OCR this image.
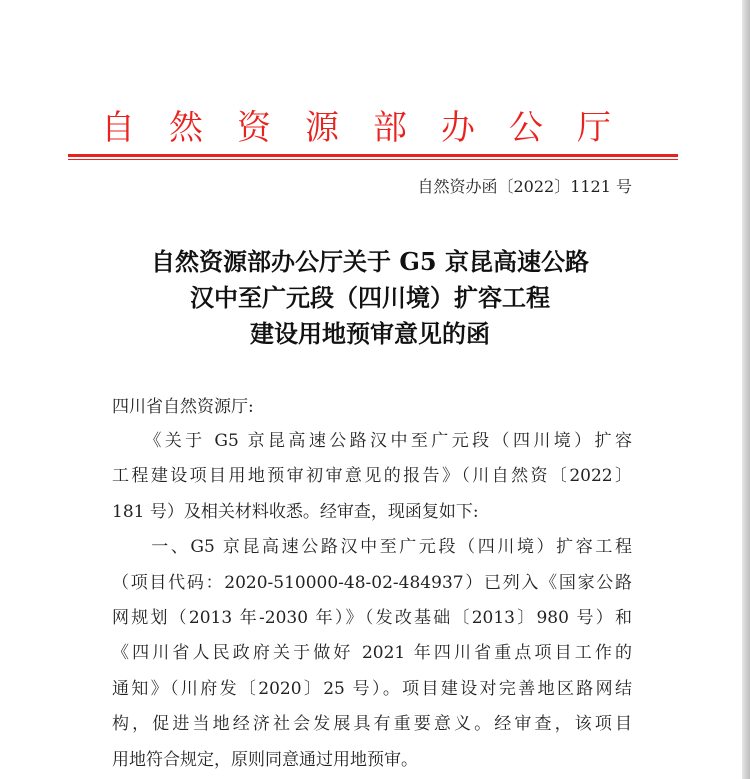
自然资源部办公厅
自然资办函〔2022〕1121 号
自然资源部办公厅关于 G5 京昆高速公路
汉中至广元段（四川境）扩容工程
建设用地预审意见的函
四川省自然资源厅:
　　《关于 G5 京昆高速公路汉中至广元段（四川境）扩容
工程建设项目用地预审初审意见的报告》（川自然资〔2022〕
181 号）及相关材料收悉。经审查，现函复如下:
　　一、G5 京昆高速公路汉中至广元段（四川境）扩容工程
（项目代码：2020-510000-48-02-484937）已列入《国家公路
网规划（2013 年-2030 年）》（发改基础〔2013〕980 号）和
《四川省人民政府关于做好 2021 年四川省重点项目工作的
通知》（川府发〔2020〕25 号）。项目建设对完善地区路网结
构，促进当地经济社会发展具有重要意义。经审查，该项目
用地符合规定，原则同意通过用地预审。
